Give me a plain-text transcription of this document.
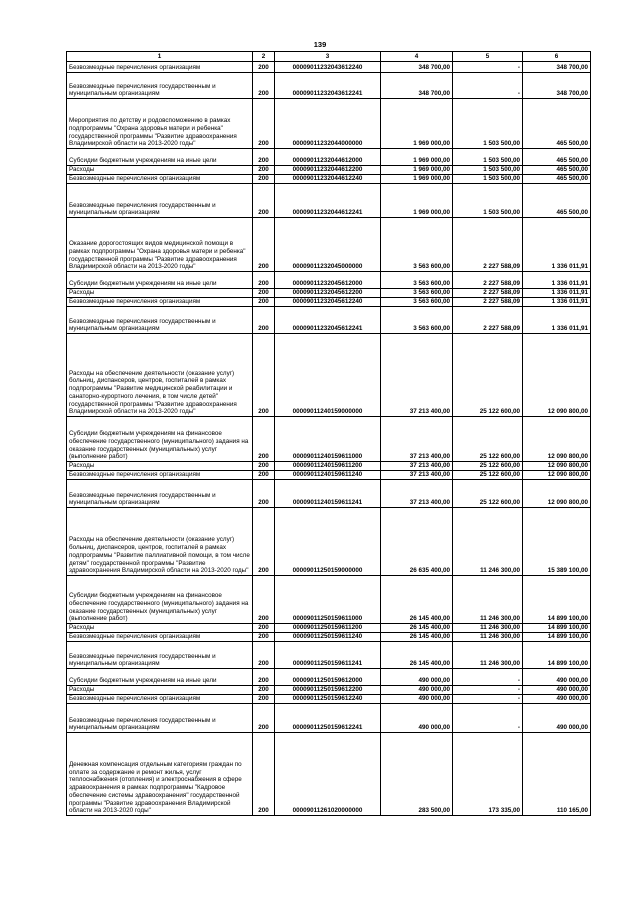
139
1	2	3	4	5	6
Безвозмездные перечисления организациям	200	00009011232043612240	348 700,00	-	348 700,00
Безвозмездные перечисления государственным и муниципальным организациям	200	00009011232043612241	348 700,00	-	348 700,00
Мероприятия по детству и родовспоможению в рамках подпрограммы "Охрана здоровья матери и ребенка" государственной программы "Развитие здравоохранения Владимирской области на 2013-2020 годы"	200	00009011232044000000	1 969 000,00	1 503 500,00	465 500,00
Субсидии бюджетным учреждениям на иные цели	200	00009011232044612000	1 969 000,00	1 503 500,00	465 500,00
Расходы	200	00009011232044612200	1 969 000,00	1 503 500,00	465 500,00
Безвозмездные перечисления организациям	200	00009011232044612240	1 969 000,00	1 503 500,00	465 500,00
Безвозмездные перечисления государственным и муниципальным организациям	200	00009011232044612241	1 969 000,00	1 503 500,00	465 500,00
Оказание дорогостоящих видов медицинской помощи в рамках подпрограммы "Охрана здоровья матери и ребенка" государственной программы "Развитие здравоохранения Владимирской области на 2013-2020 годы"	200	00009011232045000000	3 563 600,00	2 227 588,09	1 336 011,91
Субсидии бюджетным учреждениям на иные цели	200	00009011232045612000	3 563 600,00	2 227 588,09	1 336 011,91
Расходы	200	00009011232045612200	3 563 600,00	2 227 588,09	1 336 011,91
Безвозмездные перечисления организациям	200	00009011232045612240	3 563 600,00	2 227 588,09	1 336 011,91
Безвозмездные перечисления государственным и муниципальным организациям	200	00009011232045612241	3 563 600,00	2 227 588,09	1 336 011,91
Расходы на обеспечение деятельности (оказание услуг) больниц, диспансеров, центров, госпиталей в рамках подпрограммы "Развитие медицинской реабилитации и санаторно-курортного лечения, в том числе детей" государственной программы "Развитие здравоохранения Владимирской области на 2013-2020 годы"	200	00009011240159000000	37 213 400,00	25 122 600,00	12 090 800,00
Субсидии бюджетным учреждениям на финансовое обеспечение государственного (муниципального) задания на оказание государственных (муниципальных) услуг (выполнение работ)	200	00009011240159611000	37 213 400,00	25 122 600,00	12 090 800,00
Расходы	200	00009011240159611200	37 213 400,00	25 122 600,00	12 090 800,00
Безвозмездные перечисления организациям	200	00009011240159611240	37 213 400,00	25 122 600,00	12 090 800,00
Безвозмездные перечисления государственным и муниципальным организациям	200	00009011240159611241	37 213 400,00	25 122 600,00	12 090 800,00
Расходы на обеспечение деятельности (оказание услуг) больниц, диспансеров, центров, госпиталей в рамках подпрограммы "Развитие паллиативной помощи, в том числе детям" государственной программы "Развитие здравоохранения Владимирской области на 2013-2020 годы"	200	00009011250159000000	26 635 400,00	11 246 300,00	15 389 100,00
Субсидии бюджетным учреждениям на финансовое обеспечение государственного (муниципального) задания на оказание государственных (муниципальных) услуг (выполнение работ)	200	00009011250159611000	26 145 400,00	11 246 300,00	14 899 100,00
Расходы	200	00009011250159611200	26 145 400,00	11 246 300,00	14 899 100,00
Безвозмездные перечисления организациям	200	00009011250159611240	26 145 400,00	11 246 300,00	14 899 100,00
Безвозмездные перечисления государственным и муниципальным организациям	200	00009011250159611241	26 145 400,00	11 246 300,00	14 899 100,00
Субсидии бюджетным учреждениям на иные цели	200	00009011250159612000	490 000,00	-	490 000,00
Расходы	200	00009011250159612200	490 000,00	-	490 000,00
Безвозмездные перечисления организациям	200	00009011250159612240	490 000,00	-	490 000,00
Безвозмездные перечисления государственным и муниципальным организациям	200	00009011250159612241	490 000,00	-	490 000,00
Денежная компенсация отдельным категориям граждан по оплате за содержание и ремонт жилья, услуг теплоснабжения (отопления) и электроснабжения в сфере здравоохранения в рамках подпрограммы "Кадровое обеспечение системы здравоохранения" государственной программы "Развитие здравоохранения Владимирской области на 2013-2020 годы"	200	00009011261020000000	283 500,00	173 335,00	110 165,00
